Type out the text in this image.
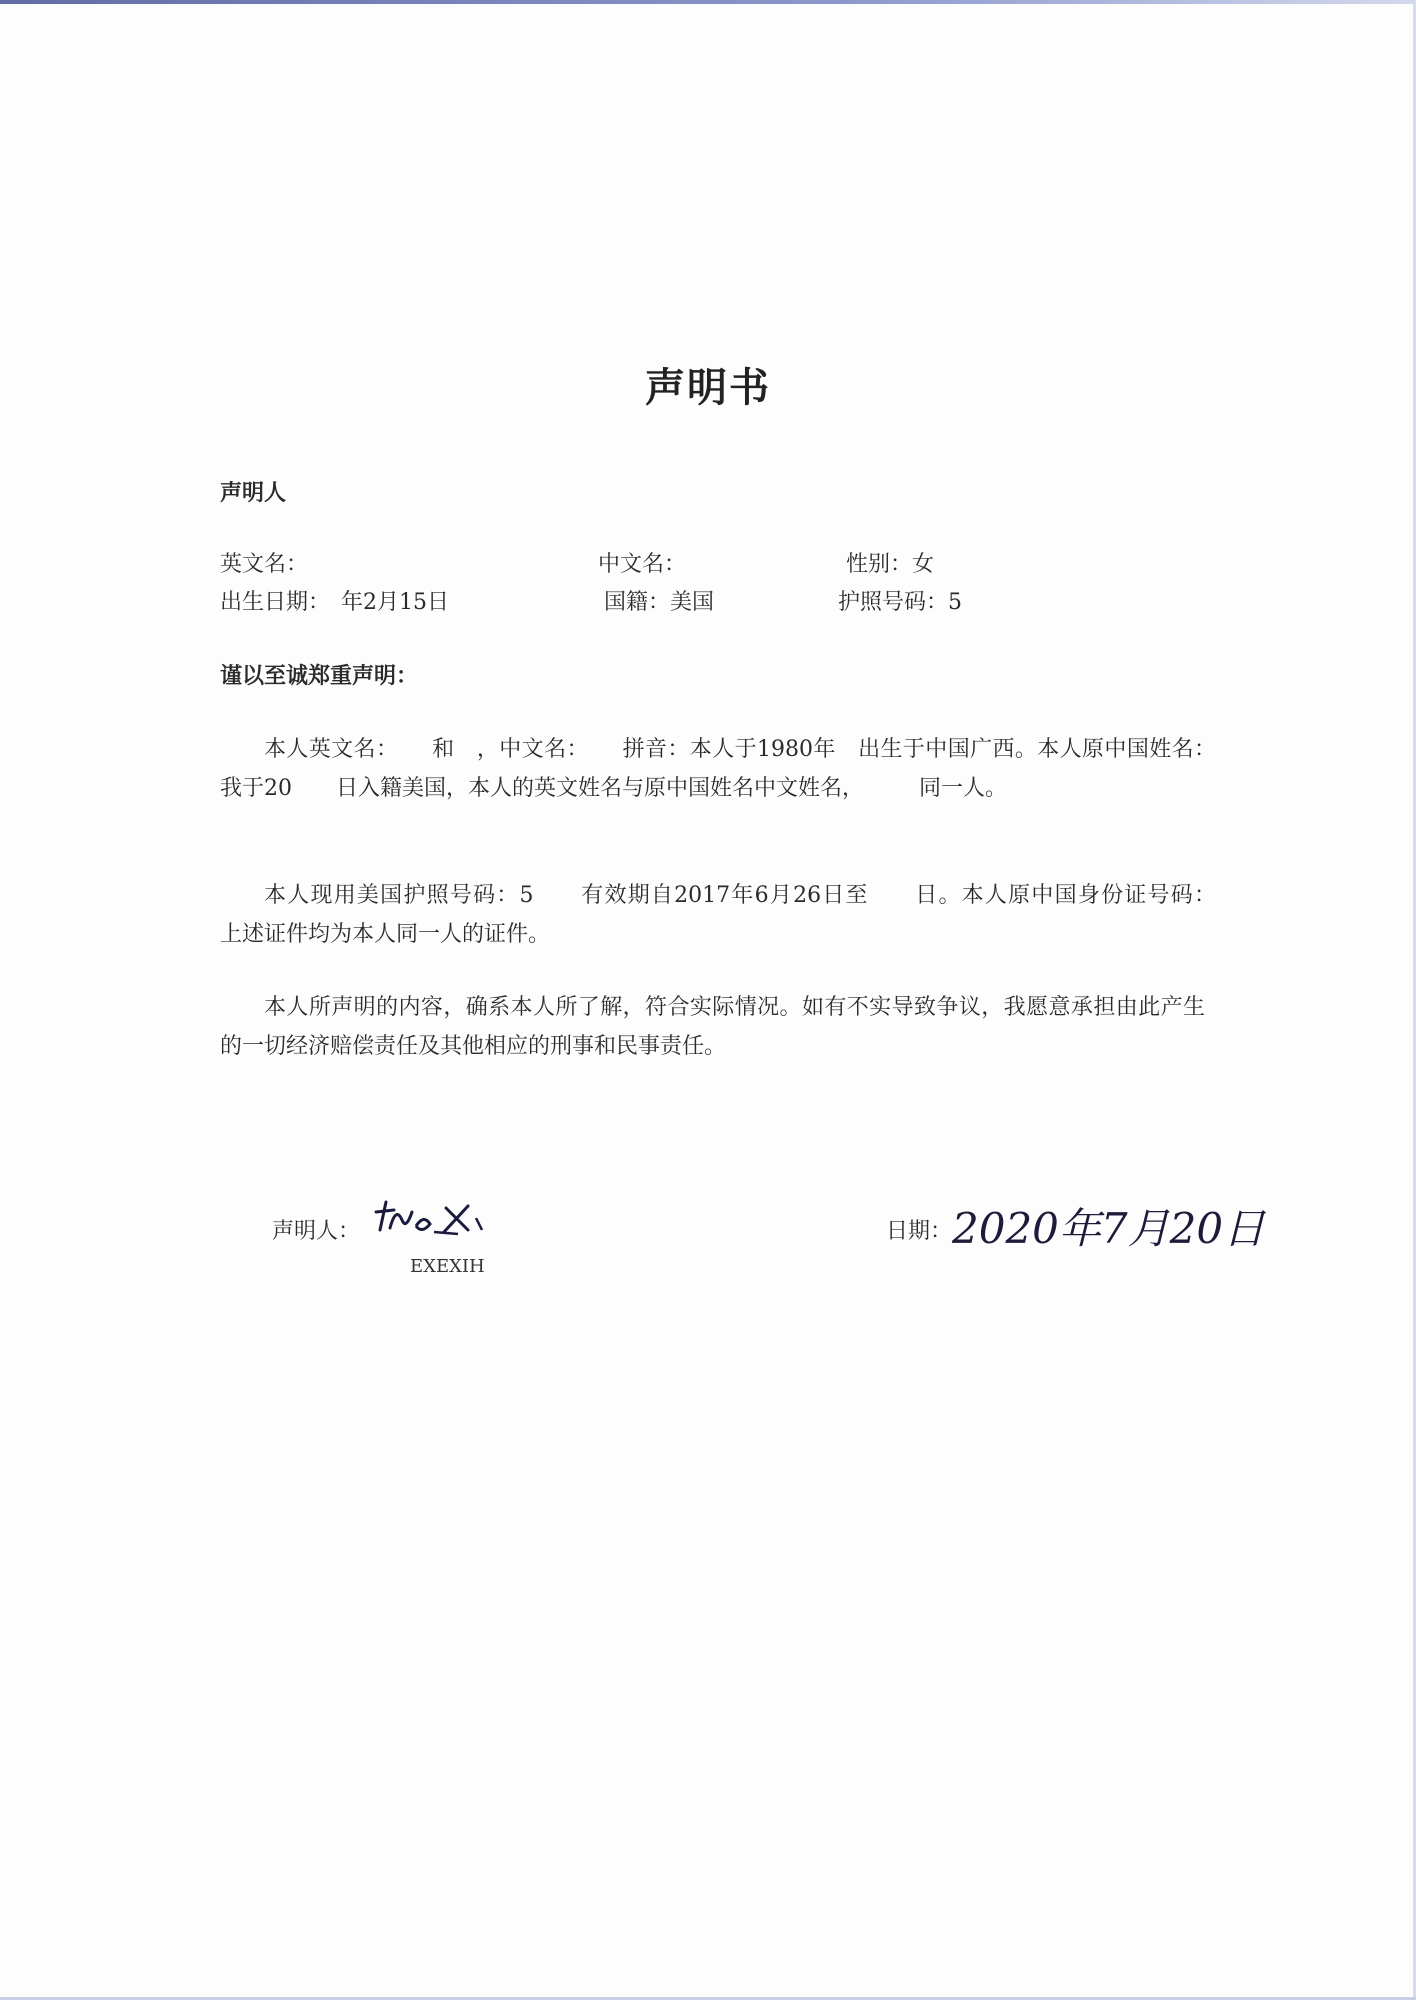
声明书
声明人
英文名：	中文名：	性别：女
出生日期：　年2月15日	国籍：美国	护照号码：5
谨以至诚郑重声明：
本人英文名：　　和　，中文名：　　拼音：本人于1980年　出生于中国广西。本人原中国姓名：　　　　　　　我于20　　日入籍美国，本人的英文姓名与原中国姓名中文姓名，　　　同一人。
本人现用美国护照号码：5　　有效期自2017年6月26日至　　日。本人原中国身份证号码：　　　　　上述证件均为本人同一人的证件。
本人所声明的内容，确系本人所了解，符合实际情况。如有不实导致争议，我愿意承担由此产生的一切经济赔偿责任及其他相应的刑事和民事责任。
声明人：
EXEXIH
日期： 2020年7月20日
